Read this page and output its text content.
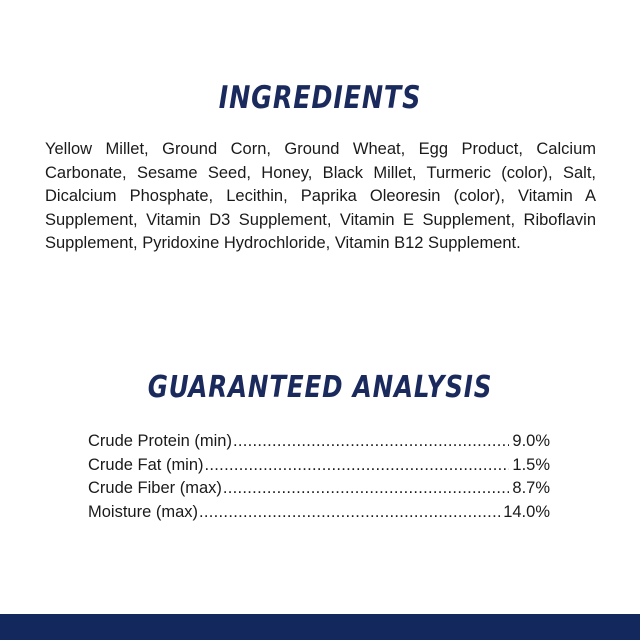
INGREDIENTS
Yellow Millet, Ground Corn, Ground Wheat, Egg Product, Calcium Carbonate, Sesame Seed, Honey, Black Millet, Turmeric (color), Salt, Dicalcium Phosphate, Lecithin, Paprika Oleoresin (color), Vitamin A Supplement, Vitamin D3 Supplement, Vitamin E Supplement, Riboflavin Supplement, Pyridoxine Hydrochloride, Vitamin B12 Supplement.
GUARANTEED ANALYSIS
Crude Protein (min) .....	9.0%
Crude Fat (min) .....	1.5%
Crude Fiber (max) .....	8.7%
Moisture (max) .....	14.0%
